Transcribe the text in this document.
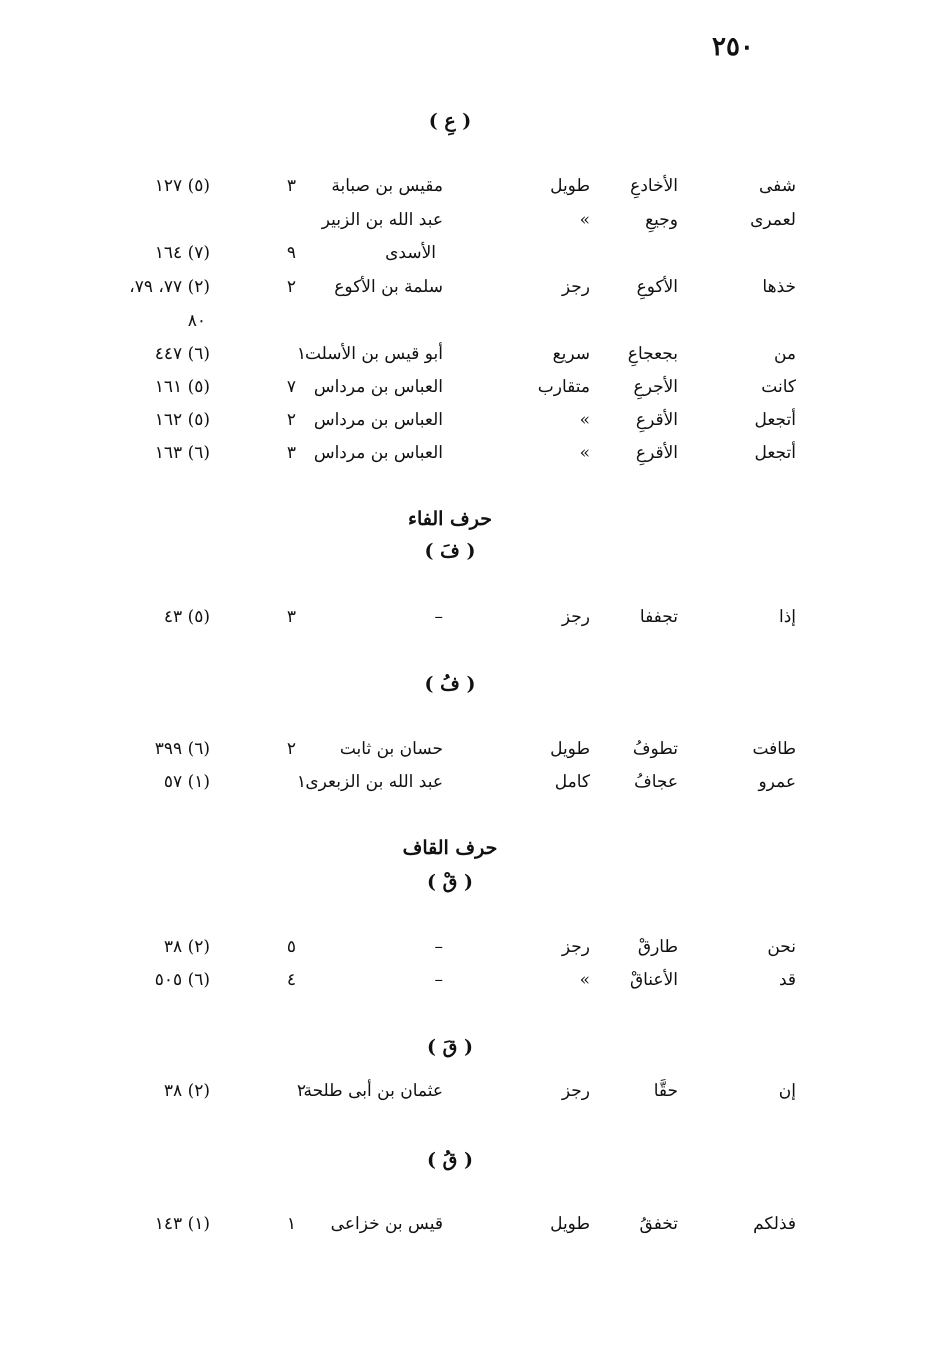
٢٥٠
( عِ )
شفى
الأخادعِ
طويل
مقيس بن صبابة
٣
(٥) ١٢٧
لعمرى
وجيعِ
»
عبد الله بن الزبير
الأسدى
٩
(٧) ١٦٤
خذها
الأكوعِ
رجز
سلمة بن الأكوع
٢
(٢) ٧٧، ٧٩،
٨٠
من
بجعجاعِ
سريع
أبو قيس بن الأسلت
١
(٦) ٤٤٧
كانت
الأجرعِ
متقارب
العباس بن مرداس
٧
(٥) ١٦١
أتجعل
الأقرعِ
»
العباس بن مرداس
٢
(٥) ١٦٢
أتجعل
الأقرعِ
»
العباس بن مرداس
٣
(٦) ١٦٣
حرف الفاء
( فَ )
إذا
تجففا
رجز
–
٣
(٥) ٤٣
( فُ )
طافت
تطوفُ
طويل
حسان بن ثابت
٢
(٦) ٣٩٩
عمرو
عجافُ
كامل
عبد الله بن الزبعرى
١
(١) ٥٧
حرف القاف
( قْ )
نحن
طارقْ
رجز
–
٥
(٢) ٣٨
قد
الأعناقْ
»
–
٤
(٦) ٥٠٥
( قَ )
إن
حقَّا
رجز
عثمان بن أبى طلحة
٢
(٢) ٣٨
( قُ )
فذلكم
تخفقُ
طويل
قيس بن خزاعى
١
(١) ١٤٣
